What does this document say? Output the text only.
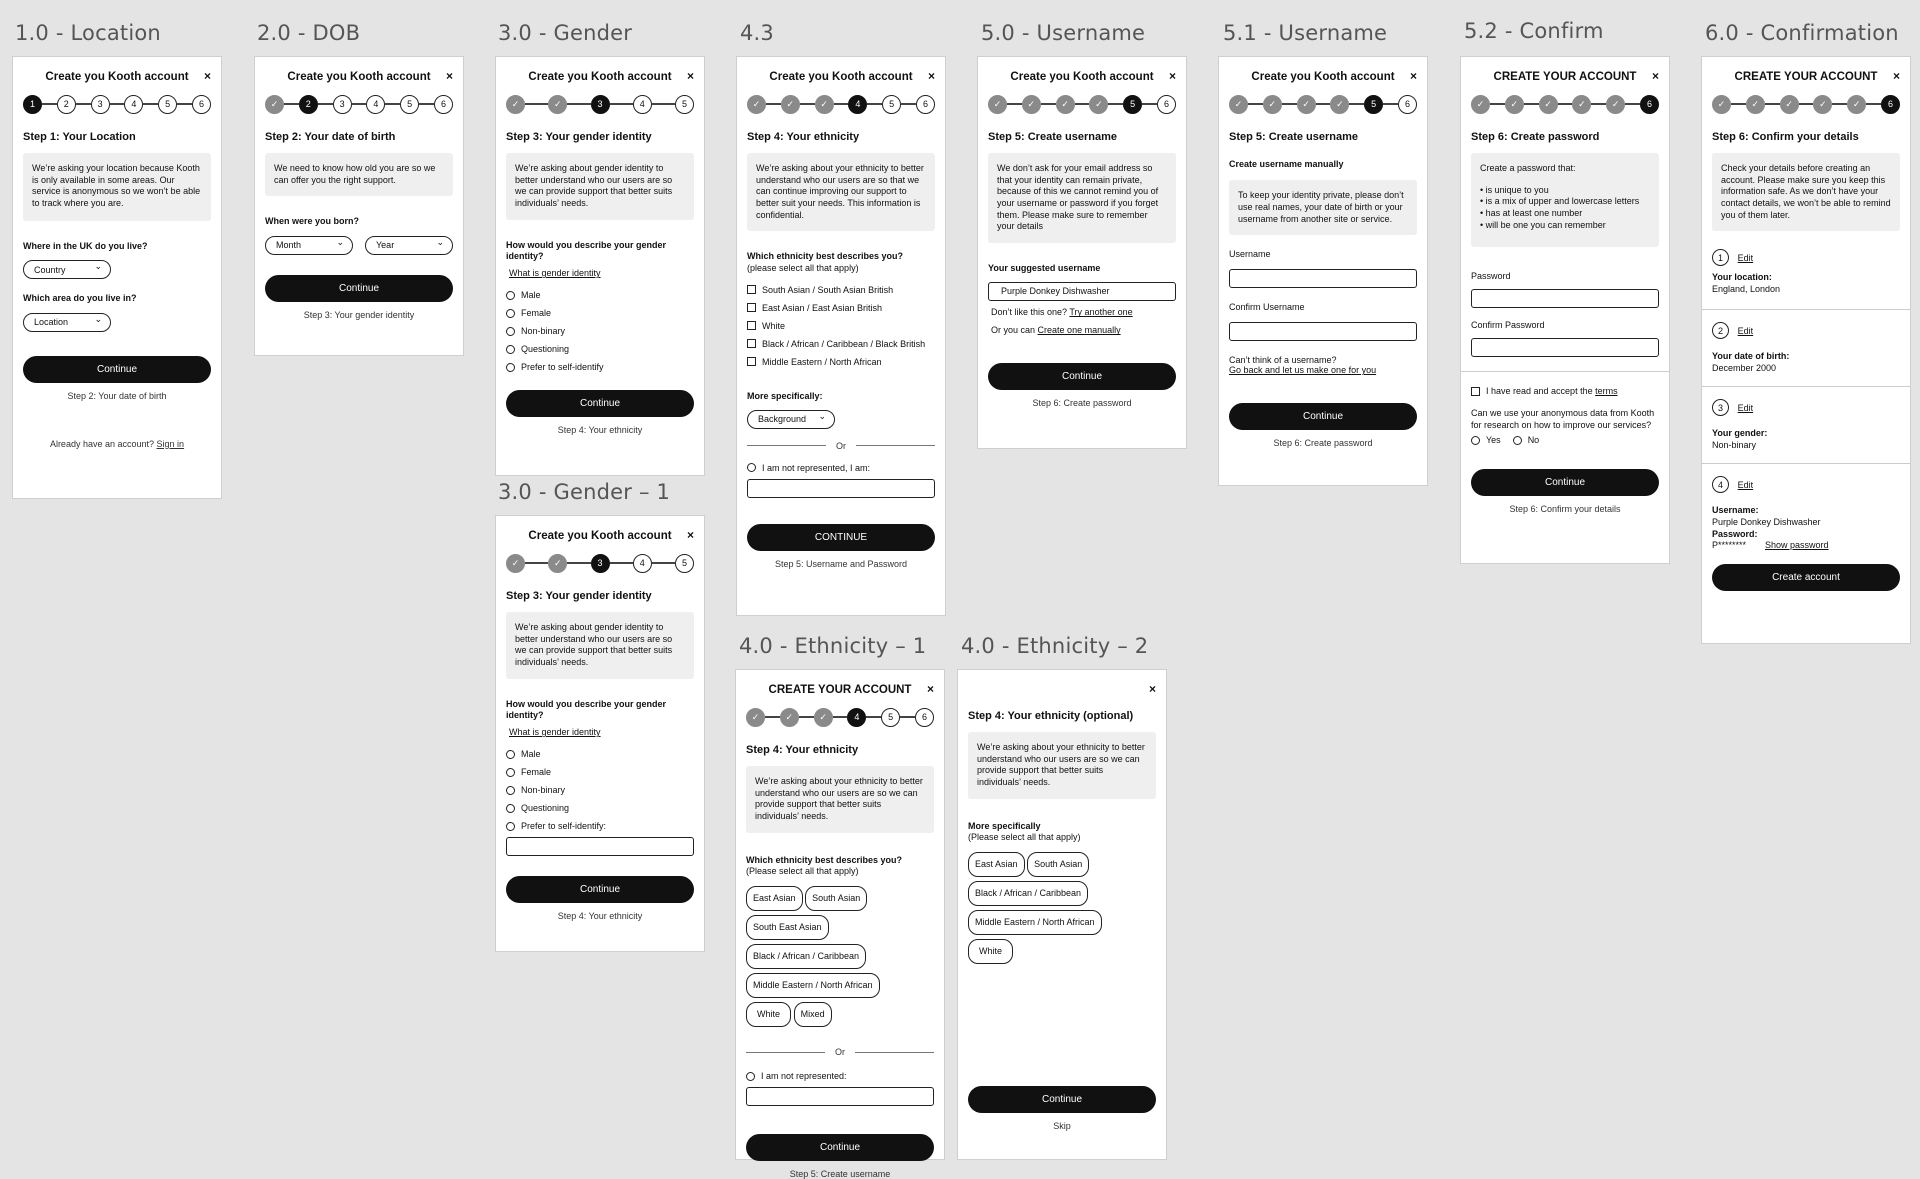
1.0 - Location	2.0 - DOB	3.0 - Gender	4.3	5.0 - Username	5.1 - Username	5.2 - Confirm	6.0 - Confirmation
3.0 - Gender – 1
4.0 - Ethnicity – 1 4.0 - Ethnicity – 2
Create you Kooth account	×
1	2	3	4	5	6
Step 1: Your Location
We’re asking your location because Kooth is only available in some areas. Our service is anonymous so we won’t be able to track where you are.
Where in the UK do you live?
Country ⌄
Which area do you live in?
Location ⌄
Continue
Step 2: Your date of birth
Already have an account? Sign in
Create you Kooth account	×
✓	2	3	4	5	6
Step 2: Your date of birth
We need to know how old you are so we can offer you the right support.
When were you born?
Month ⌄	Year ⌄
Continue
Step 3: Your gender identity
Create you Kooth account	×
✓	✓	3	4	5
Step 3: Your gender identity
We’re asking about gender identity to better understand who our users are so we can provide support that better suits individuals’ needs.
How would you describe your gender identity?
What is gender identity
Male
Female
Non-binary
Questioning
Prefer to self-identify
Continue
Step 4: Your ethnicity
Create you Kooth account	×
✓	✓	3	4	5
Step 3: Your gender identity
We’re asking about gender identity to better understand who our users are so we can provide support that better suits individuals’ needs.
How would you describe your gender identity?
What is gender identity
Male
Female
Non-binary
Questioning
Prefer to self-identify:
Continue
Step 4: Your ethnicity
Create you Kooth account	×
✓	✓	✓	4	5	6
Step 4: Your ethnicity
We’re asking about your ethnicity to better understand who our users are so that we can continue improving our support to better suit your needs. This information is confidential.
Which ethnicity best describes you?
(please select all that apply)
South Asian / South Asian British
East Asian / East Asian British
White
Black / African / Caribbean / Black British
Middle Eastern / North African
More specifically:
Background ⌄
Or
I am not represented, I am:
CONTINUE
Step 5: Username and Password
CREATE YOUR ACCOUNT	×
✓	✓	✓	4	5	6
Step 4: Your ethnicity
We’re asking about your ethnicity to better understand who our users are so we can provide support that better suits individuals’ needs.
Which ethnicity best describes you?
(Please select all that apply)
East Asian South Asian South East Asian
Black / African / Caribbean
Middle Eastern / North African
White Mixed
Or
I am not represented:
Continue
Step 5: Create username
×
Step 4: Your ethnicity (optional)
We’re asking about your ethnicity to better understand who our users are so we can provide support that better suits individuals’ needs.
More specifically
(Please select all that apply)
East Asian South Asian
Black / African / Caribbean
Middle Eastern / North African
White
Continue
Skip
Create you Kooth account	×
✓	✓	✓	✓	5	6
Step 5: Create username
We don’t ask for your email address so that your identity can remain private, because of this we cannot remind you of your username or password if you forget them. Please make sure to remember your details
Your suggested username
Purple Donkey Dishwasher
Don’t like this one? Try another one
Or you can Create one manually
Continue
Step 6: Create password
Create you Kooth account	×
✓	✓	✓	✓	5	6
Step 5: Create username
Create username manually
To keep your identity private, please don’t use real names, your date of birth or your username from another site or service.
Username
Confirm Username
Can’t think of a username?
Go back and let us make one for you
Continue
Step 6: Create password
CREATE YOUR ACCOUNT	×
✓	✓	✓	✓	✓	6
Step 6: Create password
Create a password that:
• is unique to you
• is a mix of upper and lowercase letters
• has at least one number
• will be one you can remember
Password
Confirm Password
I have read and accept the
terms
Can we use your anonymous data from Kooth for research on how to improve our services?
Yes	No
Continue
Step 6: Confirm your details
CREATE YOUR ACCOUNT	×
✓	✓	✓	✓	✓	6
Step 6: Confirm your details
Check your details before creating an account. Please make sure you keep this information safe. As we don’t have your contact details, we won’t be able to remind you of them later.
1 Edit
Your location:
England, London
2 Edit
Your date of birth:
December 2000
3 Edit
Your gender:
Non-binary
4 Edit
Username:
Purple Donkey Dishwasher
Password:
P********	Show password
Create account
